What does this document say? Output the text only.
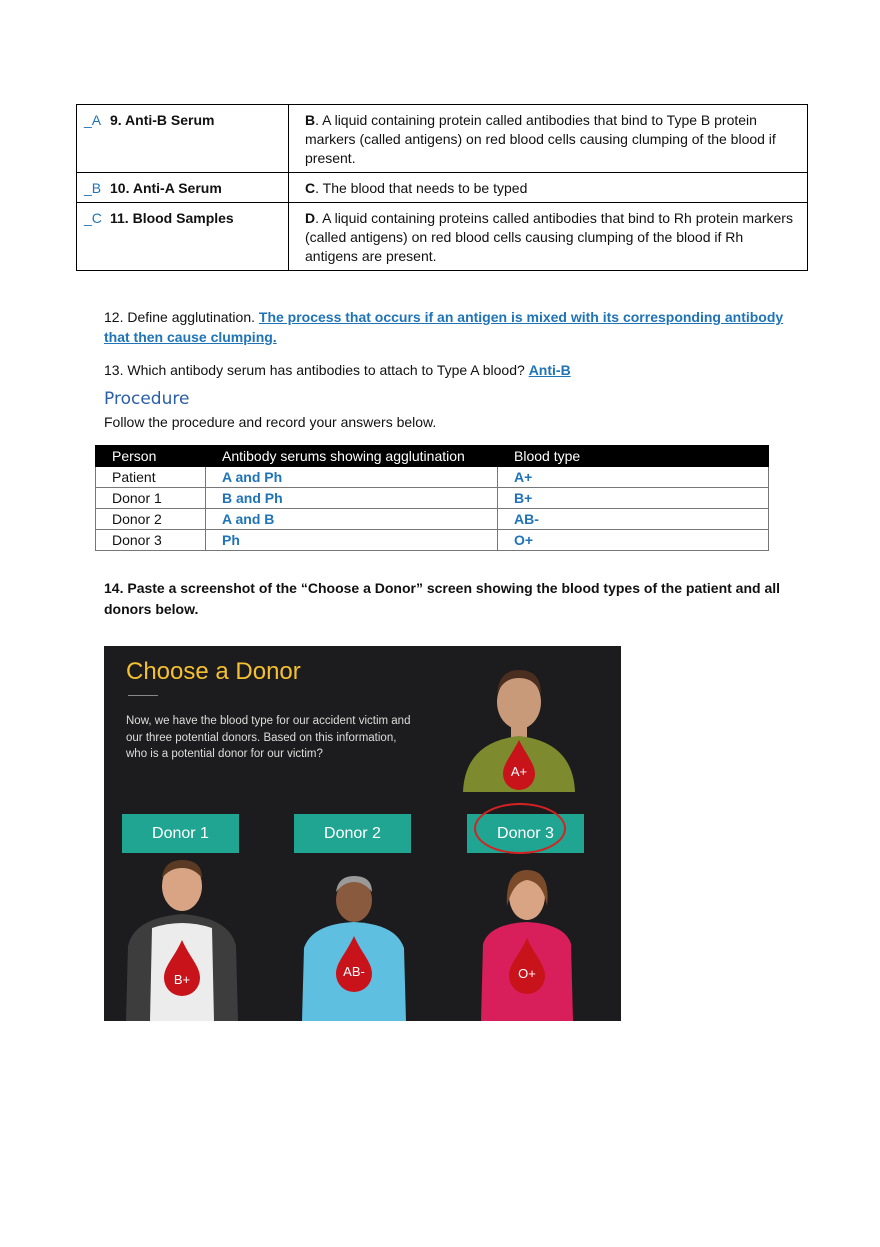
_A 9. Anti-B Serum	B. A liquid containing protein called antibodies that bind to Type B protein markers (called antigens) on red blood cells causing clumping of the blood if present.
_B 10. Anti-A Serum	C. The blood that needs to be typed
_C 11. Blood Samples	D. A liquid containing proteins called antibodies that bind to Rh protein markers (called antigens) on red blood cells causing clumping of the blood if Rh antigens are present.
12. Define agglutination. The process that occurs if an antigen is mixed with its corresponding antibody that then cause clumping.
13. Which antibody serum has antibodies to attach to Type A blood? Anti-B
Procedure
Follow the procedure and record your answers below.
Person	Antibody serums showing agglutination	Blood type
Patient	A and Ph	A+
Donor 1	B and Ph	B+
Donor 2	A and B	AB-
Donor 3	Ph	O+
14. Paste a screenshot of the “Choose a Donor” screen showing the blood types of the patient and all donors below.
Choose a Donor
Now, we have the blood type for our accident victim and our three potential donors. Based on this information, who is a potential donor for our victim?
A+
Donor 1	Donor 2	Donor 3
B+
AB-	O+
